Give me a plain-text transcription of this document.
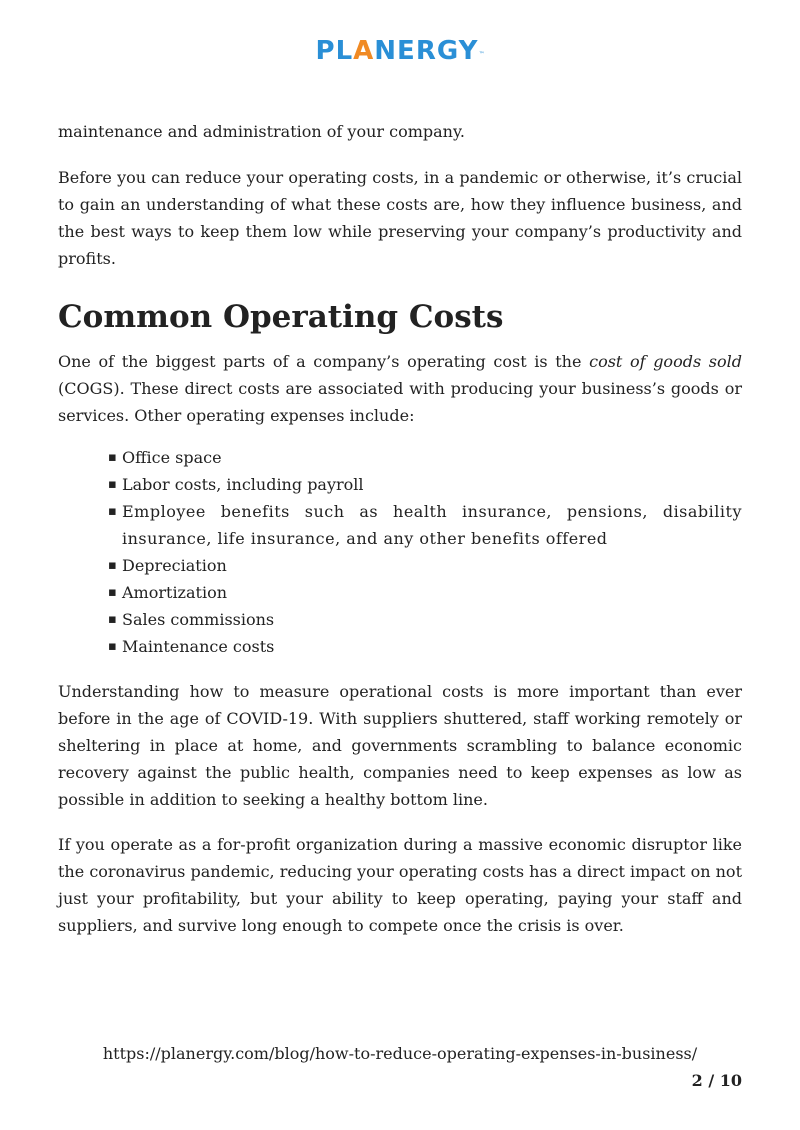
PLANERGY™

maintenance and administration of your company.

Before you can reduce your operating costs, in a pandemic or otherwise, it’s crucial to gain an understanding of what these costs are, how they influence business, and the best ways to keep them low while preserving your company’s productivity and profits.

Common Operating Costs

One of the biggest parts of a company’s operating cost is the cost of goods sold (COGS). These direct costs are associated with producing your business’s goods or services. Other operating expenses include:

▪ Office space
▪ Labor costs, including payroll
▪ Employee benefits such as health insurance, pensions, disability insurance, life insurance, and any other benefits offered
▪ Depreciation
▪ Amortization
▪ Sales commissions
▪ Maintenance costs

Understanding how to measure operational costs is more important than ever before in the age of COVID-19. With suppliers shuttered, staff working remotely or sheltering in place at home, and governments scrambling to balance economic recovery against the public health, companies need to keep expenses as low as possible in addition to seeking a healthy bottom line.

If you operate as a for-profit organization during a massive economic disruptor like the coronavirus pandemic, reducing your operating costs has a direct impact on not just your profitability, but your ability to keep operating, paying your staff and suppliers, and survive long enough to compete once the crisis is over.

https://planergy.com/blog/how-to-reduce-operating-expenses-in-business/
2 / 10
